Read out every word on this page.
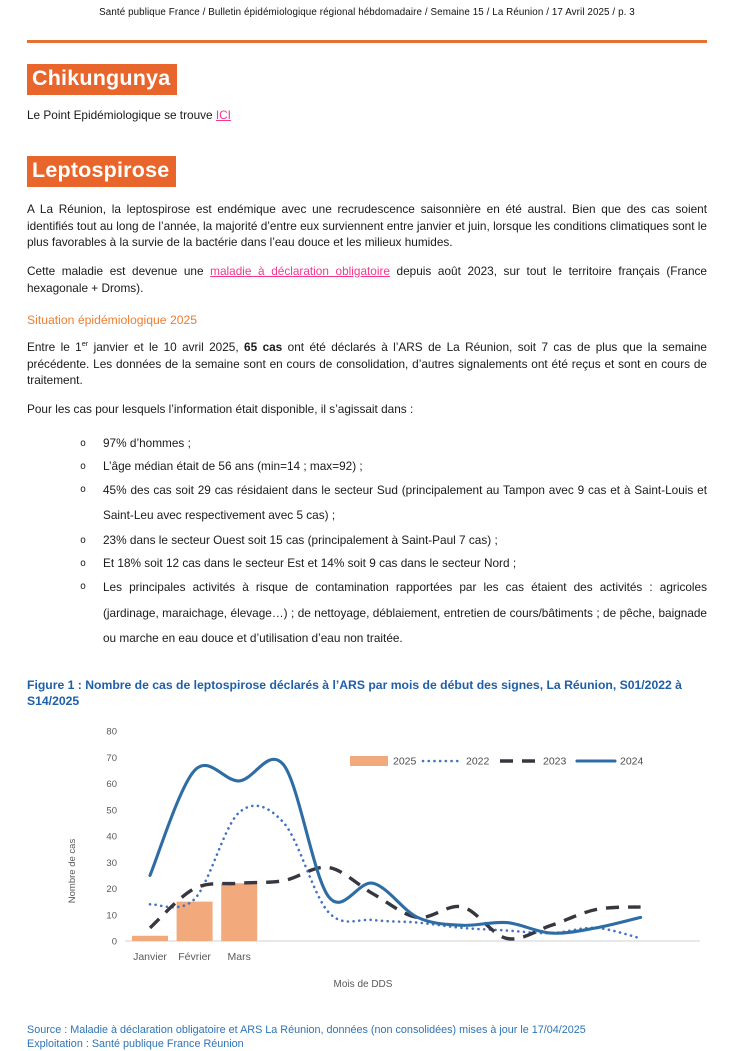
Santé publique France / Bulletin épidémiologique régional hébdomadaire / Semaine 15 / La Réunion / 17 Avril 2025 / p. 3
Chikungunya

Le Point Epidémiologique se trouve ICI

Leptospirose

A La Réunion, la leptospirose est endémique avec une recrudescence saisonnière en été austral. Bien que des cas soient identifiés tout au long de l’année, la majorité d’entre eux surviennent entre janvier et juin, lorsque les conditions climatiques sont le plus favorables à la survie de la bactérie dans l’eau douce et les milieux humides.

Cette maladie est devenue une maladie à déclaration obligatoire depuis août 2023, sur tout le territoire français (France hexagonale + Droms).

Situation épidémiologique 2025

Entre le 1er janvier et le 10 avril 2025, 65 cas ont été déclarés à l’ARS de La Réunion, soit 7 cas de plus que la semaine précédente. Les données de la semaine sont en cours de consolidation, d’autres signalements ont été reçus et sont en cours de traitement.

Pour les cas pour lesquels l’information était disponible, il s’agissait dans :

o	97% d’hommes ;
o	L’âge médian était de 56 ans (min=14 ; max=92) ;
o	45% des cas soit 29 cas résidaient dans le secteur Sud (principalement au Tampon avec 9 cas et à Saint-Louis et Saint-Leu avec respectivement avec 5 cas) ;
o	23% dans le secteur Ouest soit 15 cas (principalement à Saint-Paul 7 cas) ;
o	Et 18% soit 12 cas dans le secteur Est et 14% soit 9 cas dans le secteur Nord ;
o	Les principales activités à risque de contamination rapportées par les cas étaient des activités : agricoles (jardinage, maraichage, élevage…) ; de nettoyage, déblaiement, entretien de cours/bâtiments ; de pêche, baignade ou marche en eau douce et d’utilisation d’eau non traitée.

Figure 1 : Nombre de cas de leptospirose déclarés à l’ARS par mois de début des signes, La Réunion, S01/2022 à S14/2025

0
10
20
30
40
50
60
70
80
Nombre de cas
Janvier Février Mars
Mois de DDS
2025	2022	2023	2024

Source : Maladie à déclaration obligatoire et ARS La Réunion, données (non consolidées) mises à jour le 17/04/2025

Exploitation : Santé publique France Réunion
